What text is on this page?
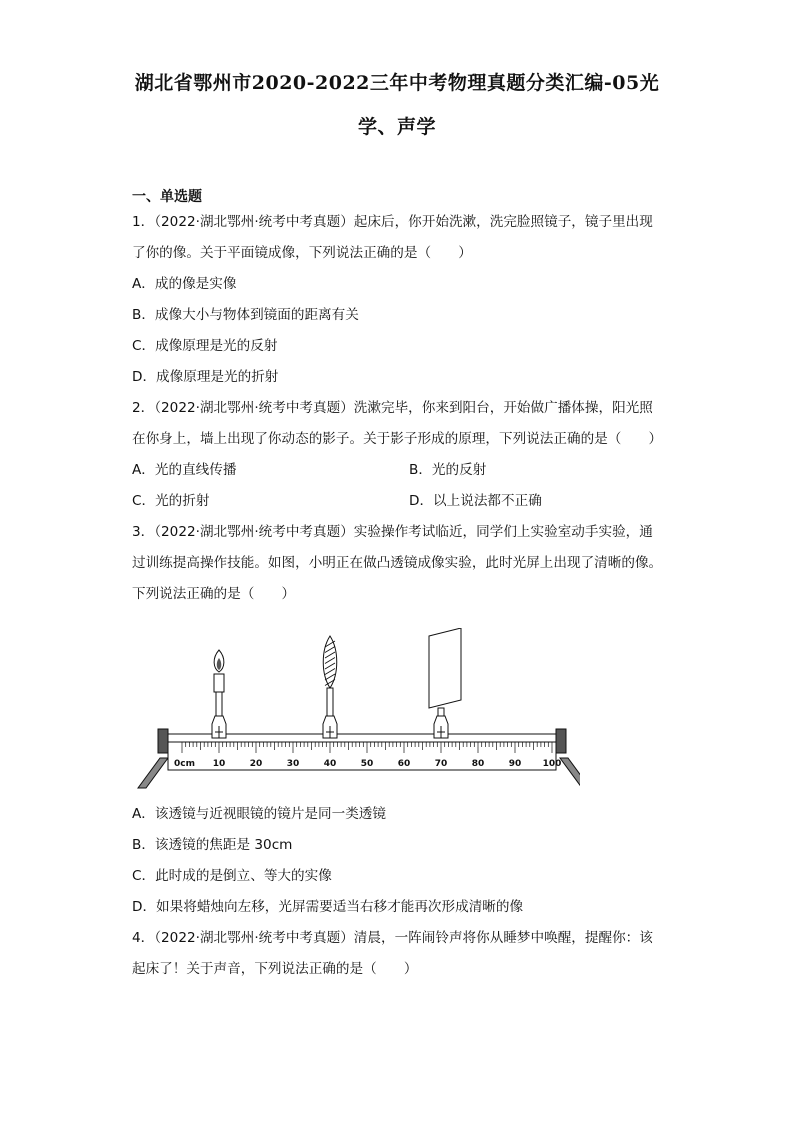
湖北省鄂州市2020-2022三年中考物理真题分类汇编-05光
学、声学
一、单选题
1．（2022·湖北鄂州·统考中考真题）起床后，你开始洗漱，洗完脸照镜子，镜子里出现
了你的像。关于平面镜成像，下列说法正确的是（　　）
A．成的像是实像
B．成像大小与物体到镜面的距离有关
C．成像原理是光的反射
D．成像原理是光的折射
2．（2022·湖北鄂州·统考中考真题）洗漱完毕，你来到阳台，开始做广播体操，阳光照
在你身上，墙上出现了你动态的影子。关于影子形成的原理，下列说法正确的是（　　）
A．光的直线传播	B．光的反射
C．光的折射	D．以上说法都不正确
3．（2022·湖北鄂州·统考中考真题）实验操作考试临近，同学们上实验室动手实验，通
过训练提高操作技能。如图，小明正在做凸透镜成像实验，此时光屏上出现了清晰的像。
下列说法正确的是（　　）
0cm 10	20	30	40	50	60	70	80	90 100
A．该透镜与近视眼镜的镜片是同一类透镜
B．该透镜的焦距是 30cm
C．此时成的是倒立、等大的实像
D．如果将蜡烛向左移，光屏需要适当右移才能再次形成清晰的像
4．（2022·湖北鄂州·统考中考真题）清晨，一阵闹铃声将你从睡梦中唤醒，提醒你：该
起床了！关于声音，下列说法正确的是（　　）
